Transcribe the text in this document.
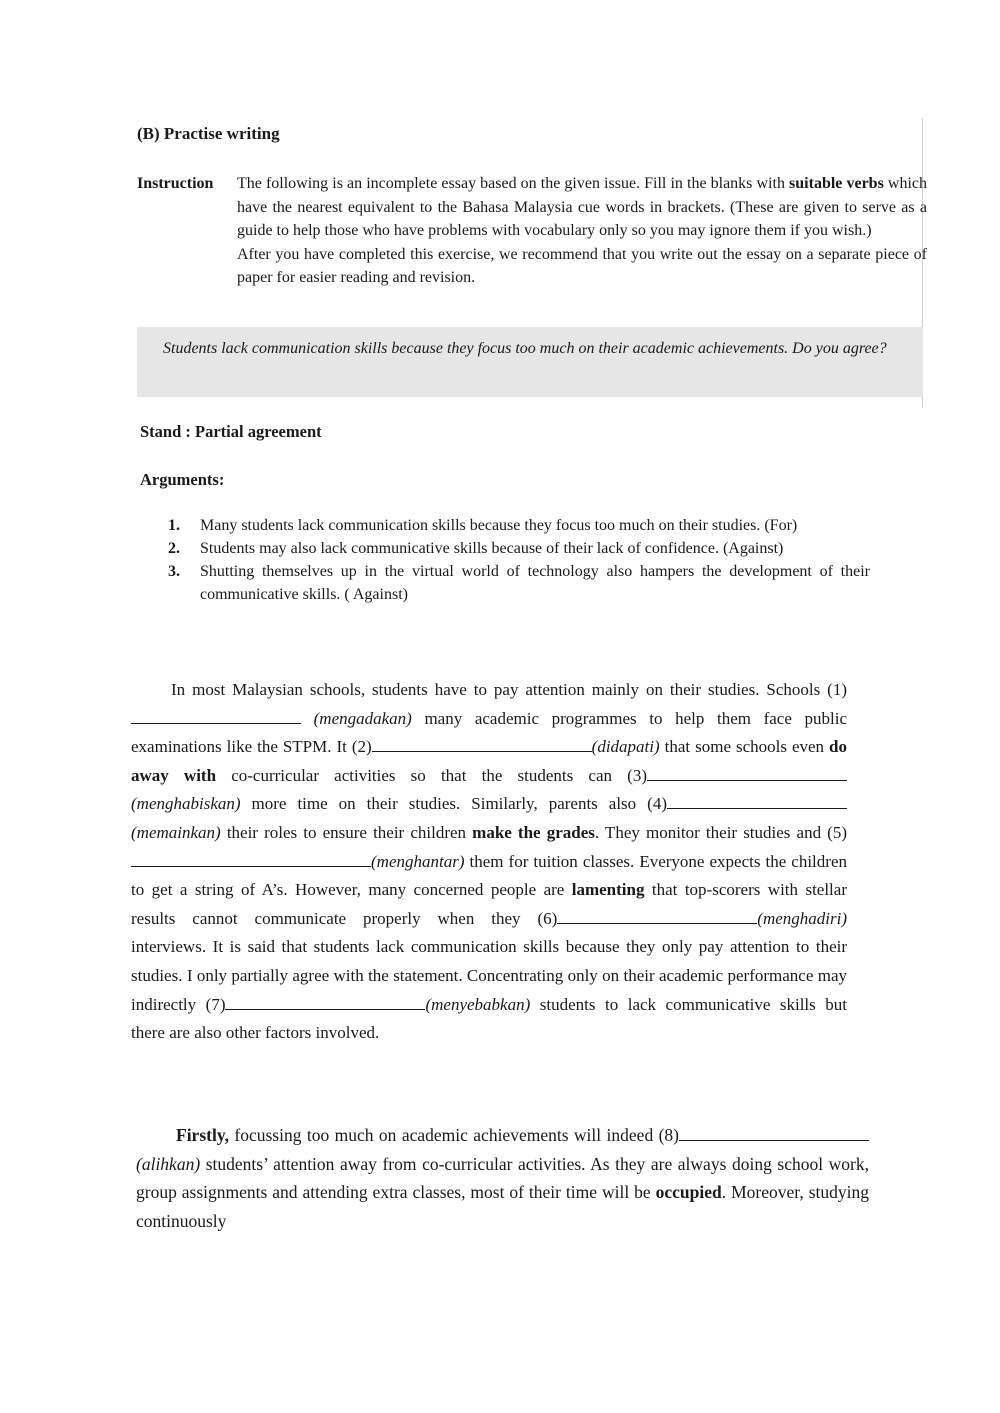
(B) Practise writing
Instruction The following is an incomplete essay based on the given issue. Fill in the blanks with suitable verbs which have the nearest equivalent to the Bahasa Malaysia cue words in brackets. (These are given to serve as a guide to help those who have problems with vocabulary only so you may ignore them if you wish.)

After you have completed this exercise, we recommend that you write out the essay on a separate piece of paper for easier reading and revision.

Students lack communication skills because they focus too much on their academic achievements. Do you agree?
Stand : Partial agreement
Arguments:
1. Many students lack communication skills because they focus too much on their studies. (For)
2. Students may also lack communicative skills because of their lack of confidence. (Against)
3. Shutting themselves up in the virtual world of technology also hampers the development of their communicative skills. ( Against)

In most Malaysian schools, students have to pay attention mainly on their studies. Schools (1) (mengadakan) many academic programmes to help them face public examinations like the STPM. It (2)	(didapati) that some schools even do away with co-curricular activities so that the students can (3) (menghabiskan) more time on their studies. Similarly, parents also (4)(memainkan) their roles to ensure their children make the grades. They monitor their studies and (5)(menghantar) them for tuition classes. Everyone expects the children to get a string of A’s. However, many concerned people are lamenting that top-scorers with stellar results cannot communicate properly when they (6)	(menghadiri) interviews. It is said that students lack communication skills because they only pay attention to their studies. I only partially agree with the statement. Concentrating only on their academic performance may indirectly (7)	(menyebabkan) students to lack communicative skills but there are also other factors involved.

Firstly, focussing too much on academic achievements will indeed (8)(alihkan) students’ attention away from co-curricular activities. As they are always doing school work, group assignments and attending extra classes, most of their time will be occupied. Moreover, studying continuously
